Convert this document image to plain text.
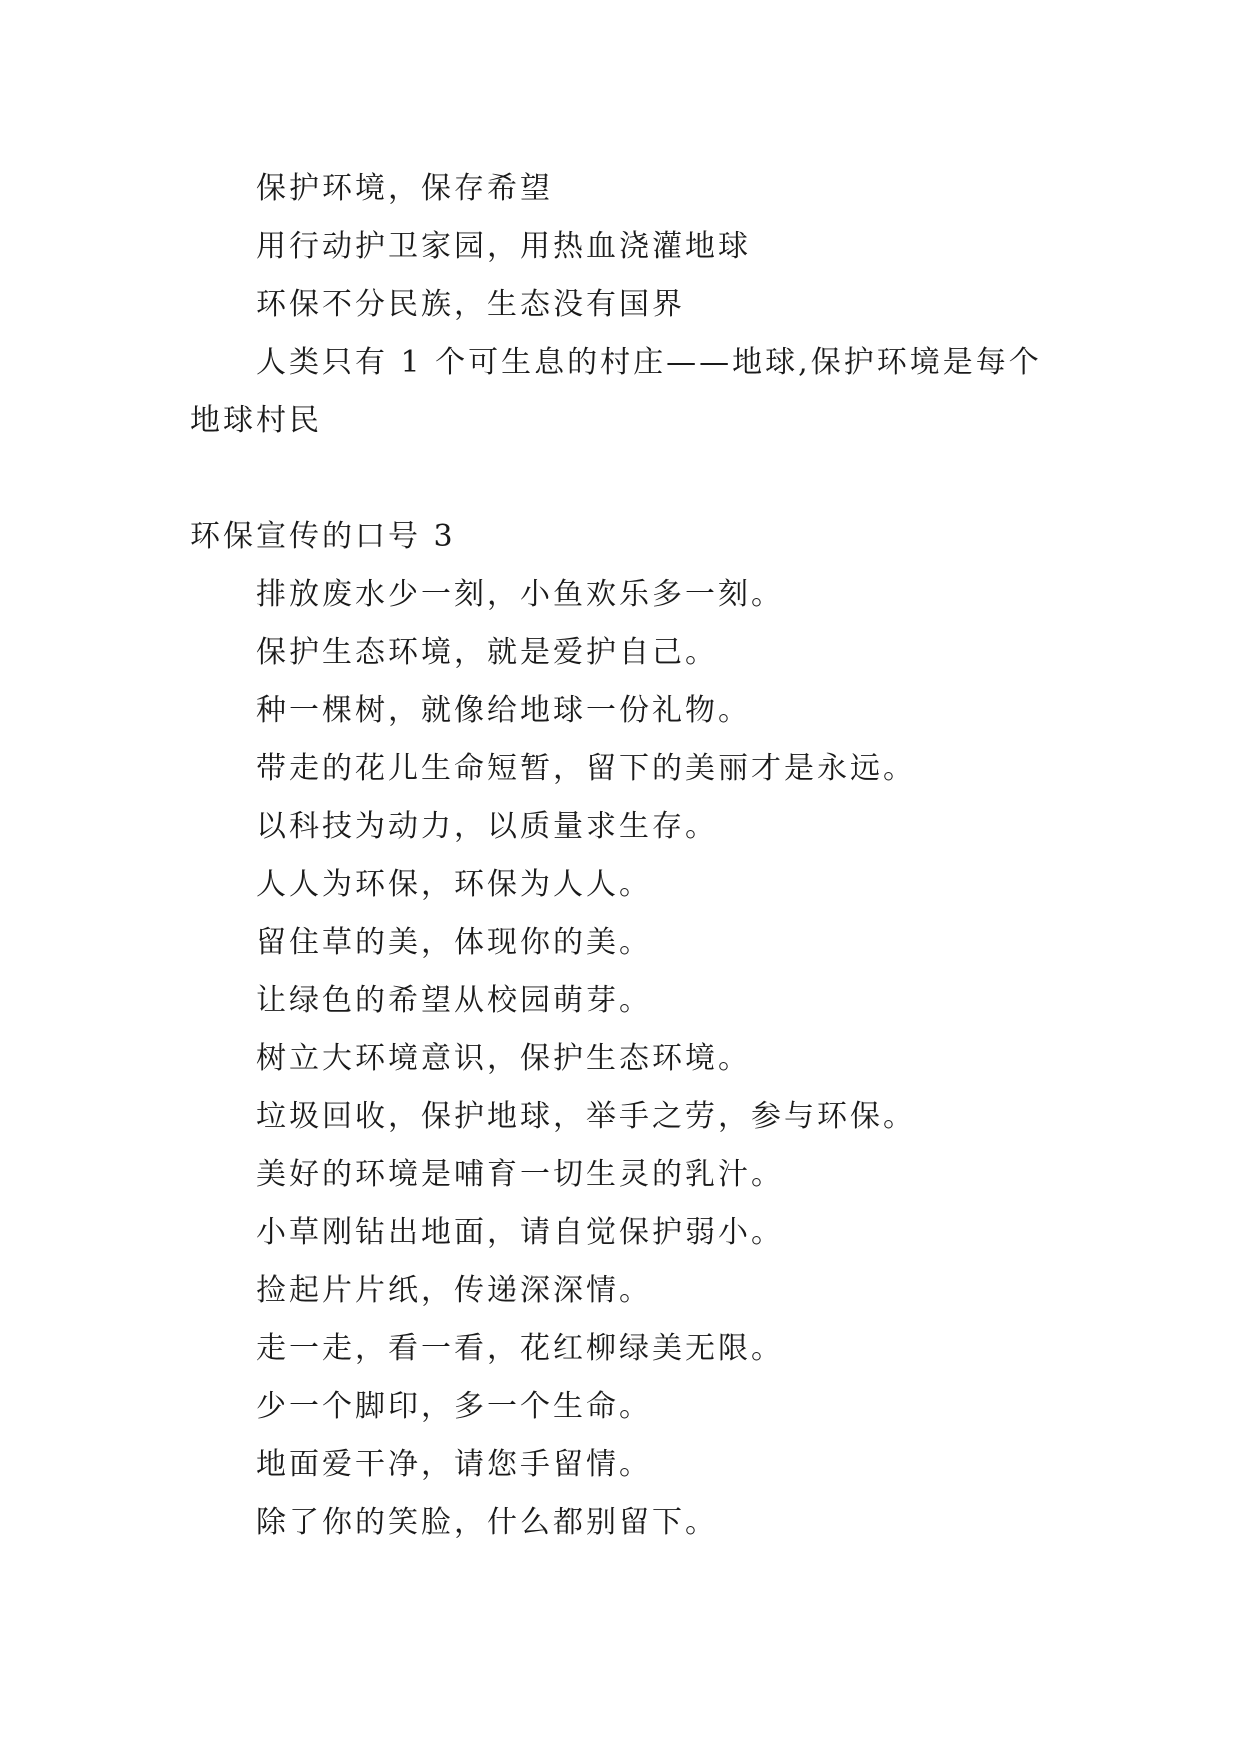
保护环境，保存希望
用行动护卫家园，用热血浇灌地球
环保不分民族，生态没有国界
人类只有 1 个可生息的村庄——地球,保护环境是每个地球村民
环保宣传的口号 3
排放废水少一刻，小鱼欢乐多一刻。
保护生态环境，就是爱护自己。
种一棵树，就像给地球一份礼物。
带走的花儿生命短暂，留下的美丽才是永远。
以科技为动力，以质量求生存。
人人为环保，环保为人人。
留住草的美，体现你的美。
让绿色的希望从校园萌芽。
树立大环境意识，保护生态环境。
垃圾回收，保护地球，举手之劳，参与环保。
美好的环境是哺育一切生灵的乳汁。
小草刚钻出地面，请自觉保护弱小。
捡起片片纸，传递深深情。
走一走，看一看，花红柳绿美无限。
少一个脚印，多一个生命。
地面爱干净，请您手留情。
除了你的笑脸，什么都别留下。
